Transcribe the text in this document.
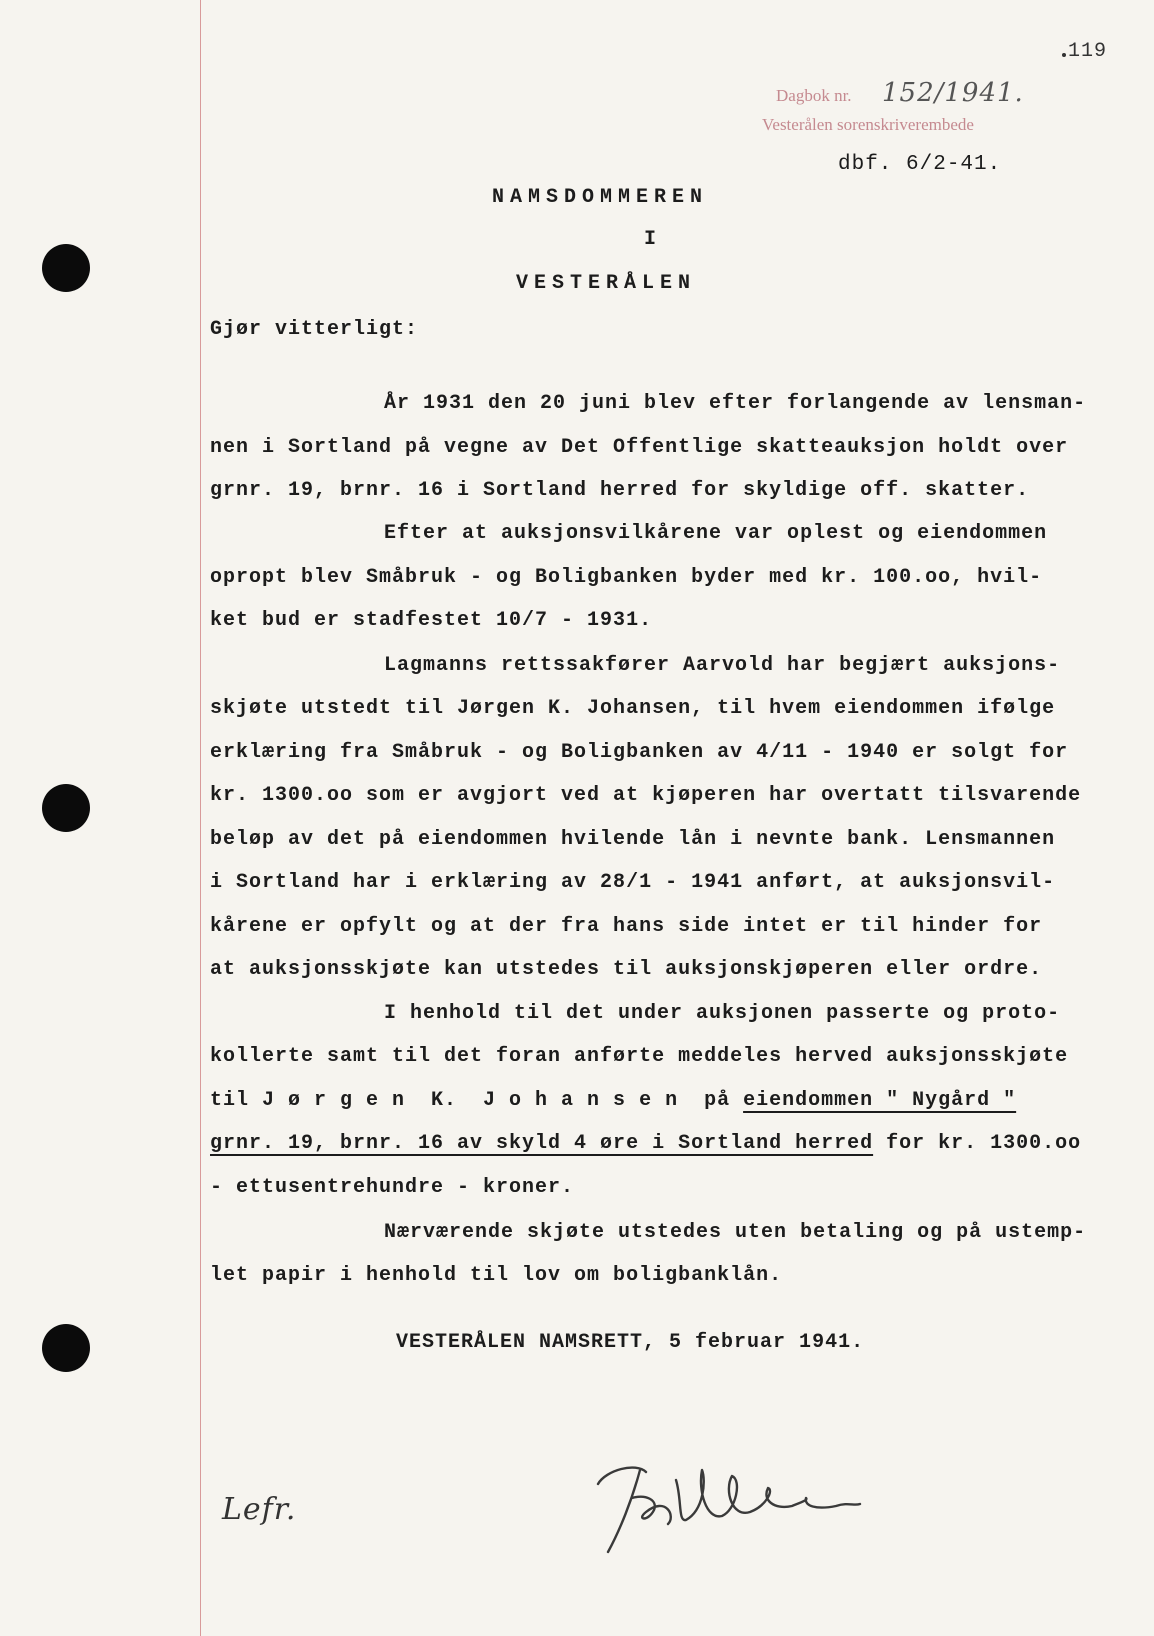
119
Dagbok nr. 152/1941.
Vesterålen sorenskriverembede
dbf. 6/2-41.
NAMSDOMMEREN
I
VESTERÅLEN
Gjør vitterligt:
År 1931 den 20 juni blev efter forlangende av lensman-
nen i Sortland på vegne av Det Offentlige skatteauksjon holdt over
grnr. 19, brnr. 16 i Sortland herred for skyldige off. skatter.
Efter at auksjonsvilkårene var oplest og eiendommen
opropt blev Småbruk - og Boligbanken byder med kr. 100.oo, hvil-
ket bud er stadfestet 10/7 - 1931.
Lagmanns rettssakfører Aarvold har begjært auksjons-
skjøte utstedt til Jørgen K. Johansen, til hvem eiendommen ifølge
erklæring fra Småbruk - og Boligbanken av 4/11 - 1940 er solgt for
kr. 1300.oo som er avgjort ved at kjøperen har overtatt tilsvarende
beløp av det på eiendommen hvilende lån i nevnte bank. Lensmannen
i Sortland har i erklæring av 28/1 - 1941 anført, at auksjonsvil-
kårene er opfylt og at der fra hans side intet er til hinder for
at auksjonsskjøte kan utstedes til auksjonskjøperen eller ordre.
I henhold til det under auksjonen passerte og proto-
kollerte samt til det foran anførte meddeles herved auksjonsskjøte
til J ø r g e n  K.  J o h a n s e n  på eiendommen " Nygård "
grnr. 19, brnr. 16 av skyld 4 øre i Sortland herred for kr. 1300.oo
- ettusentrehundre - kroner.
Nærværende skjøte utstedes uten betaling og på ustemp-
let papir i henhold til lov om boligbanklån.
VESTERÅLEN NAMSRETT, 5 februar 1941.
Lefr.
